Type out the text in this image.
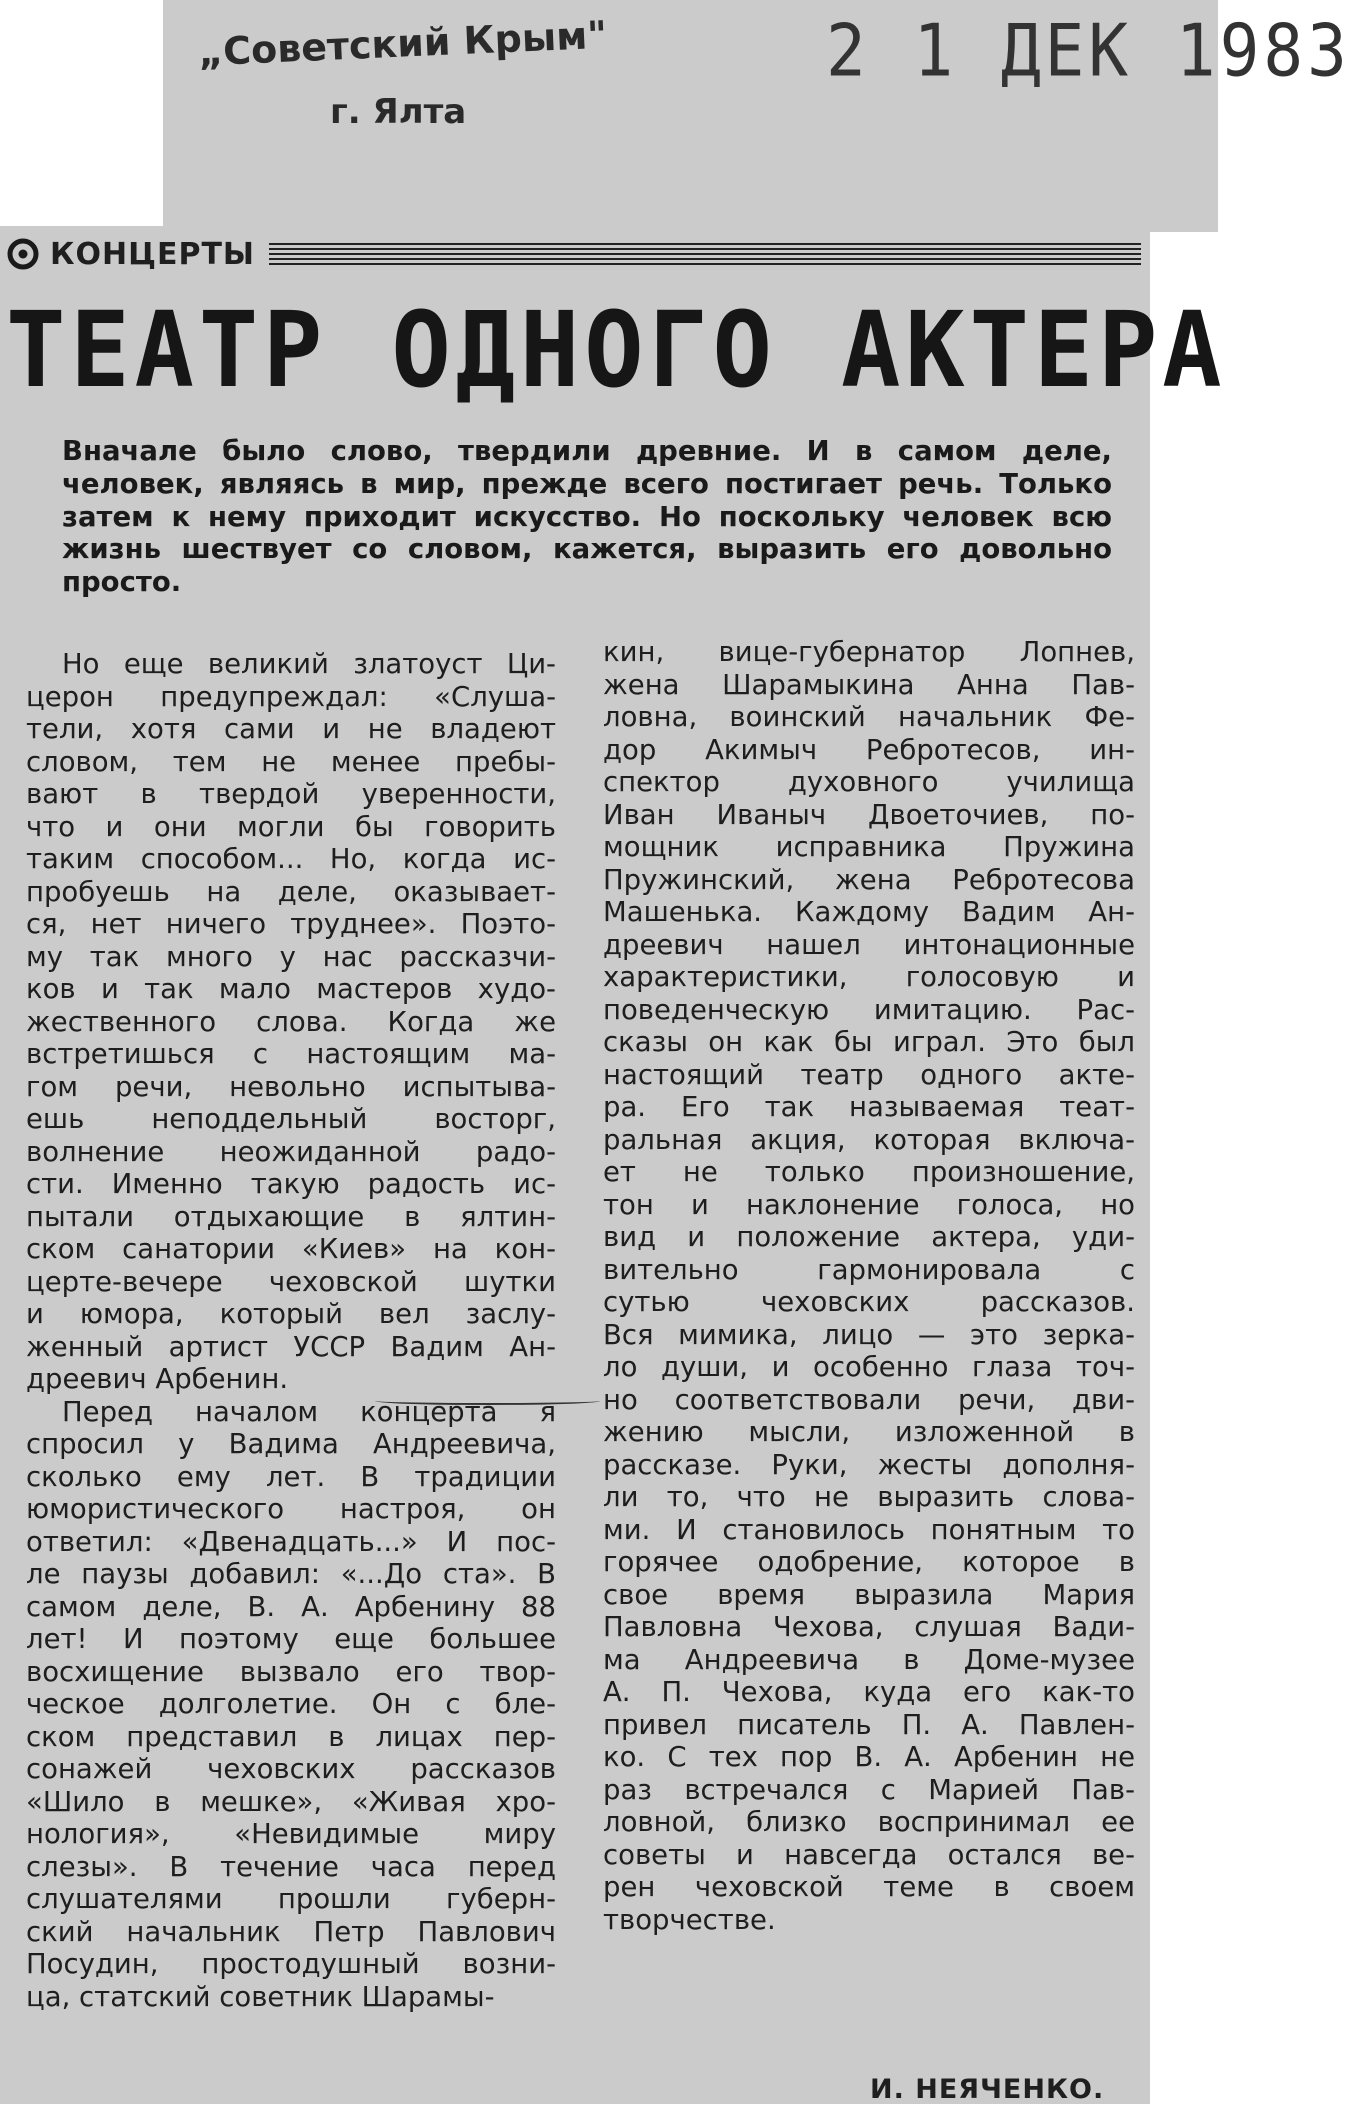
„Советский Крым"
г. Ялта
2 1 ДЕК 1983
КОНЦЕРТЫ
ТЕАТР ОДНОГО АКТЕРА
Вначале было слово, твердили древние. И в самом деле, человек, являясь в мир, прежде всего постигает речь. Только затем к нему приходит искусство. Но поскольку человек всю жизнь шествует со словом, кажется, выразить его довольно просто.
Но еще великий златоуст Ци-
церон предупреждал: «Слуша-
тели, хотя сами и не владеют
словом, тем не менее пребы-
вают в твердой уверенности,
что и они могли бы говорить
таким способом... Но, когда ис-
пробуешь на деле, оказывает-
ся, нет ничего труднее». Поэто-
му так много у нас рассказчи-
ков и так мало мастеров худо-
жественного слова. Когда же
встретишься с настоящим ма-
гом речи, невольно испытыва-
ешь неподдельный восторг,
волнение неожиданной радо-
сти. Именно такую радость ис-
пытали отдыхающие в ялтин-
ском санатории «Киев» на кон-
церте-вечере чеховской шутки
и юмора, который вел заслу-
женный артист УССР Вадим Ан-
дреевич Арбенин.
Перед началом концерта я
спросил у Вадима Андреевича,
сколько ему лет. В традиции
юмористического настроя, он
ответил: «Двенадцать...» И пос-
ле паузы добавил: «...До ста». В
самом деле, В. А. Арбенину 88
лет! И поэтому еще большее
восхищение вызвало его твор-
ческое долголетие. Он с бле-
ском представил в лицах пер-
сонажей чеховских рассказов
«Шило в мешке», «Живая хро-
нология», «Невидимые миру
слезы». В течение часа перед
слушателями прошли губерн-
ский начальник Петр Павлович
Посудин, простодушный возни-
ца, статский советник Шарамы-
кин, вице-губернатор Лопнев,
жена Шарамыкина Анна Пав-
ловна, воинский начальник Фе-
дор Акимыч Ребротесов, ин-
спектор духовного училища
Иван Иваныч Двоеточиев, по-
мощник исправника Пружина
Пружинский, жена Ребротесова
Машенька. Каждому Вадим Ан-
дреевич нашел интонационные
характеристики, голосовую и
поведенческую имитацию. Рас-
сказы он как бы играл. Это был
настоящий театр одного акте-
ра. Его так называемая теат-
ральная акция, которая включа-
ет не только произношение,
тон и наклонение голоса, но
вид и положение актера, уди-
вительно гармонировала с
сутью чеховских рассказов.
Вся мимика, лицо — это зерка-
ло души, и особенно глаза точ-
но соответствовали речи, дви-
жению мысли, изложенной в
рассказе. Руки, жесты дополня-
ли то, что не выразить слова-
ми. И становилось понятным то
горячее одобрение, которое в
свое время выразила Мария
Павловна Чехова, слушая Вади-
ма Андреевича в Доме-музее
А. П. Чехова, куда его как-то
привел писатель П. А. Павлен-
ко. С тех пор В. А. Арбенин не
раз встречался с Марией Пав-
ловной, близко воспринимал ее
советы и навсегда остался ве-
рен чеховской теме в своем
творчестве.
И. НЕЯЧЕНКО.
